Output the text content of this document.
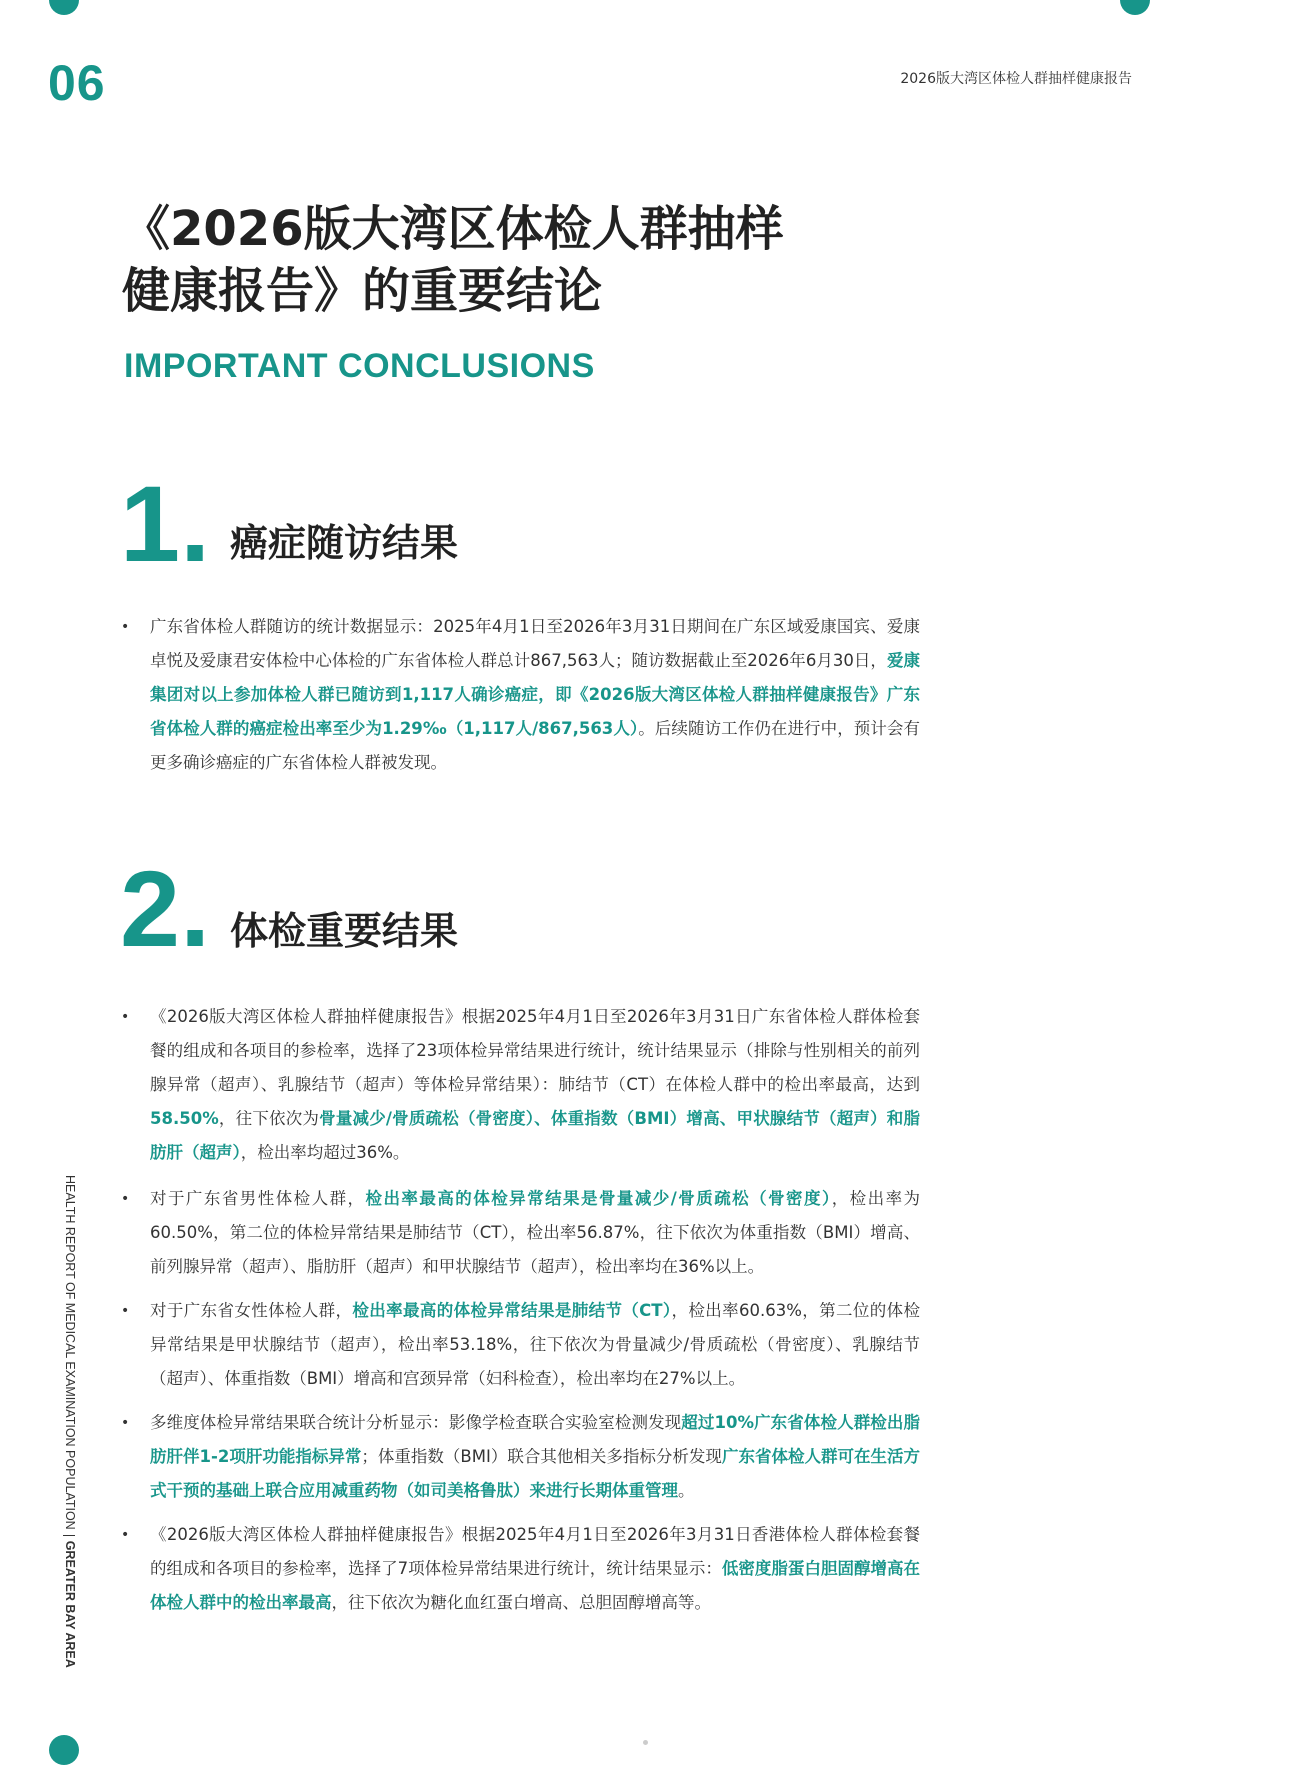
06	2026版大湾区体检人群抽样健康报告
《2026版大湾区体检人群抽样
健康报告》的重要结论
IMPORTANT CONCLUSIONS
1. 癌症随访结果
•	广东省体检人群随访的统计数据显示：2025年4月1日至2026年3月31日期间在广东区域爱康国宾、爱康卓悦及爱康君安体检中心体检的广东省体检人群总计867,563人；随访数据截止至2026年6月30日，爱康集团对以上参加体检人群已随访到1,117人确诊癌症，即《2026版大湾区体检人群抽样健康报告》广东省体检人群的癌症检出率至少为1.29‰（1,117人/867,563人）。后续随访工作仍在进行中，预计会有更多确诊癌症的广东省体检人群被发现。
2. 体检重要结果
•	《2026版大湾区体检人群抽样健康报告》根据2025年4月1日至2026年3月31日广东省体检人群体检套餐的组成和各项目的参检率，选择了23项体检异常结果进行统计，统计结果显示（排除与性别相关的前列腺异常（超声）、乳腺结节（超声）等体检异常结果）：肺结节（CT）在体检人群中的检出率最高，达到58.50%，往下依次为骨量减少/骨质疏松（骨密度）、体重指数（BMI）增高、甲状腺结节（超声）和脂肪肝（超声），检出率均超过36%。
•	对于广东省男性体检人群，检出率最高的体检异常结果是骨量减少/骨质疏松（骨密度），检出率为60.50%，第二位的体检异常结果是肺结节（CT），检出率56.87%，往下依次为体重指数（BMI）增高、前列腺异常（超声）、脂肪肝（超声）和甲状腺结节（超声），检出率均在36%以上。
•	对于广东省女性体检人群，检出率最高的体检异常结果是肺结节（CT），检出率60.63%，第二位的体检异常结果是甲状腺结节（超声），检出率53.18%，往下依次为骨量减少/骨质疏松（骨密度）、乳腺结节（超声）、体重指数（BMI）增高和宫颈异常（妇科检查），检出率均在27%以上。
•	多维度体检异常结果联合统计分析显示：影像学检查联合实验室检测发现超过10%广东省体检人群检出脂肪肝伴1-2项肝功能指标异常；体重指数（BMI）联合其他相关多指标分析发现广东省体检人群可在生活方式干预的基础上联合应用减重药物（如司美格鲁肽）来进行长期体重管理。
•	《2026版大湾区体检人群抽样健康报告》根据2025年4月1日至2026年3月31日香港体检人群体检套餐的组成和各项目的参检率，选择了7项体检异常结果进行统计，统计结果显示：低密度脂蛋白胆固醇增高在体检人群中的检出率最高，往下依次为糖化血红蛋白增高、总胆固醇增高等。
HEALTH REPORT OF MEDICAL EXAMINATION POPULATIONGREATER BAY AREA
